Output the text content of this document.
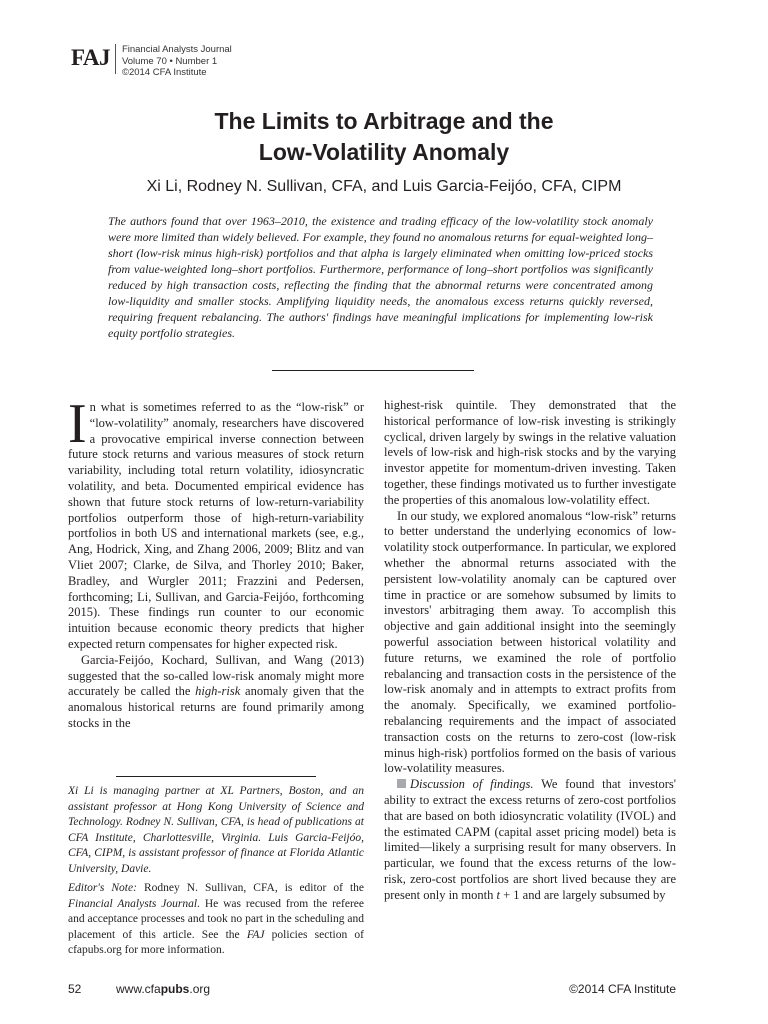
FAJ	Financial Analysts Journal
Volume 70 • Number 1
©2014 CFA Institute
The Limits to Arbitrage and the
Low-Volatility Anomaly
Xi Li, Rodney N. Sullivan, CFA, and Luis Garcia-Feijóo, CFA, CIPM
The authors found that over 1963–2010, the existence and trading efficacy of the low-volatility stock anomaly were more limited than widely believed. For example, they found no anomalous returns for equal-weighted long–short (low-risk minus high-risk) portfolios and that alpha is largely eliminated when omitting low-priced stocks from value-weighted long–short portfolios. Furthermore, performance of long–short portfolios was significantly reduced by high transaction costs, reflecting the finding that the abnormal returns were concentrated among low-liquidity and smaller stocks. Amplifying liquidity needs, the anomalous excess returns quickly reversed, requiring frequent rebalancing. The authors' findings have meaningful implications for implementing low-risk equity portfolio strategies.

In what is sometimes referred to as the “low-risk” or “low-volatility” anomaly, researchers have discovered a provocative empirical inverse connection between future stock returns and various measures of stock return variability, including total return volatility, idiosyncratic volatility, and beta. Documented empirical evidence has shown that future stock returns of low-return-variability portfolios outperform those of high-return-variability portfolios in both US and international markets (see, e.g., Ang, Hodrick, Xing, and Zhang 2006, 2009; Blitz and van Vliet 2007; Clarke, de Silva, and Thorley 2010; Baker, Bradley, and Wurgler 2011; Frazzini and Pedersen, forthcoming; Li, Sullivan, and Garcia-Feijóo, forthcoming 2015). These findings run counter to our economic intuition because economic theory predicts that higher expected return compensates for higher expected risk.

Garcia-Feijóo, Kochard, Sullivan, and Wang (2013) suggested that the so-called low-risk anomaly might more accurately be called the high-risk anomaly given that the anomalous historical returns are found primarily among stocks in the

Xi Li is managing partner at XL Partners, Boston, and an assistant professor at Hong Kong University of Science and Technology. Rodney N. Sullivan, CFA, is head of publications at CFA Institute, Charlottesville, Virginia. Luis Garcia-Feijóo, CFA, CIPM, is assistant professor of finance at Florida Atlantic University, Davie.

Editor's Note: Rodney N. Sullivan, CFA, is editor of the Financial Analysts Journal. He was recused from the referee and acceptance processes and took no part in the scheduling and placement of this article. See the FAJ policies section of cfapubs.org for more information.

highest-risk quintile. They demonstrated that the historical performance of low-risk investing is strikingly cyclical, driven largely by swings in the relative valuation levels of low-risk and high-risk stocks and by the varying investor appetite for momentum-driven investing. Taken together, these findings motivated us to further investigate the properties of this anomalous low-volatility effect.

In our study, we explored anomalous “low-risk” returns to better understand the underlying economics of low-volatility stock outperformance. In particular, we explored whether the abnormal returns associated with the persistent low-volatility anomaly can be captured over time in practice or are somehow subsumed by limits to investors' arbitraging them away. To accomplish this objective and gain additional insight into the seemingly powerful association between historical volatility and future returns, we examined the role of portfolio rebalancing and transaction costs in the persistence of the low-risk anomaly and in attempts to extract profits from the anomaly. Specifically, we examined portfolio-rebalancing requirements and the impact of associated transaction costs on the returns to zero-cost (low-risk minus high-risk) portfolios formed on the basis of various low-volatility measures.

Discussion of findings. We found that investors' ability to extract the excess returns of zero-cost portfolios that are based on both idiosyncratic volatility (IVOL) and the estimated CAPM (capital asset pricing model) beta is limited—likely a surprising result for many observers. In particular, we found that the excess returns of the low-risk, zero-cost portfolios are short lived because they are present only in month t + 1 and are largely subsumed by

52	www.cfapubs.org	©2014 CFA Institute
